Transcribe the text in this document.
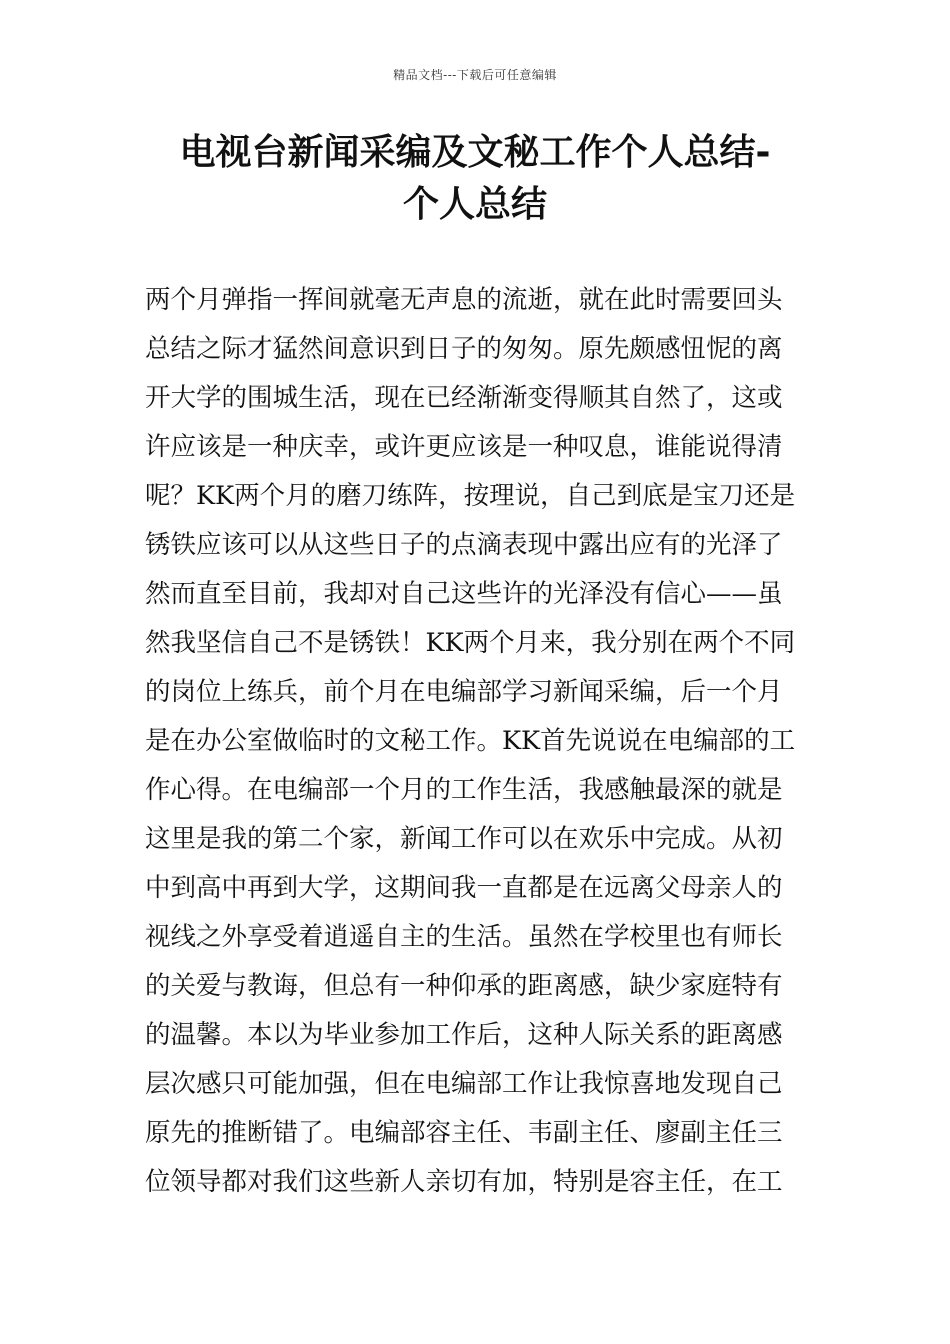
精品文档---下载后可任意编辑
电视台新闻采编及文秘工作个人总结-
个人总结
两个月弹指一挥间就毫无声息的流逝，就在此时需要回头
总结之际才猛然间意识到日子的匆匆。原先颇感忸怩的离
开大学的围城生活，现在已经渐渐变得顺其自然了，这或
许应该是一种庆幸，或许更应该是一种叹息，谁能说得清
呢？KK两个月的磨刀练阵，按理说，自己到底是宝刀还是
锈铁应该可以从这些日子的点滴表现中露出应有的光泽了
然而直至目前，我却对自己这些许的光泽没有信心——虽
然我坚信自己不是锈铁！KK两个月来，我分别在两个不同
的岗位上练兵，前个月在电编部学习新闻采编，后一个月
是在办公室做临时的文秘工作。KK首先说说在电编部的工
作心得。在电编部一个月的工作生活，我感触最深的就是
这里是我的第二个家，新闻工作可以在欢乐中完成。从初
中到高中再到大学，这期间我一直都是在远离父母亲人的
视线之外享受着逍遥自主的生活。虽然在学校里也有师长
的关爱与教诲，但总有一种仰承的距离感，缺少家庭特有
的温馨。本以为毕业参加工作后，这种人际关系的距离感
层次感只可能加强，但在电编部工作让我惊喜地发现自己
原先的推断错了。电编部容主任、韦副主任、廖副主任三
位领导都对我们这些新人亲切有加，特别是容主任，在工
